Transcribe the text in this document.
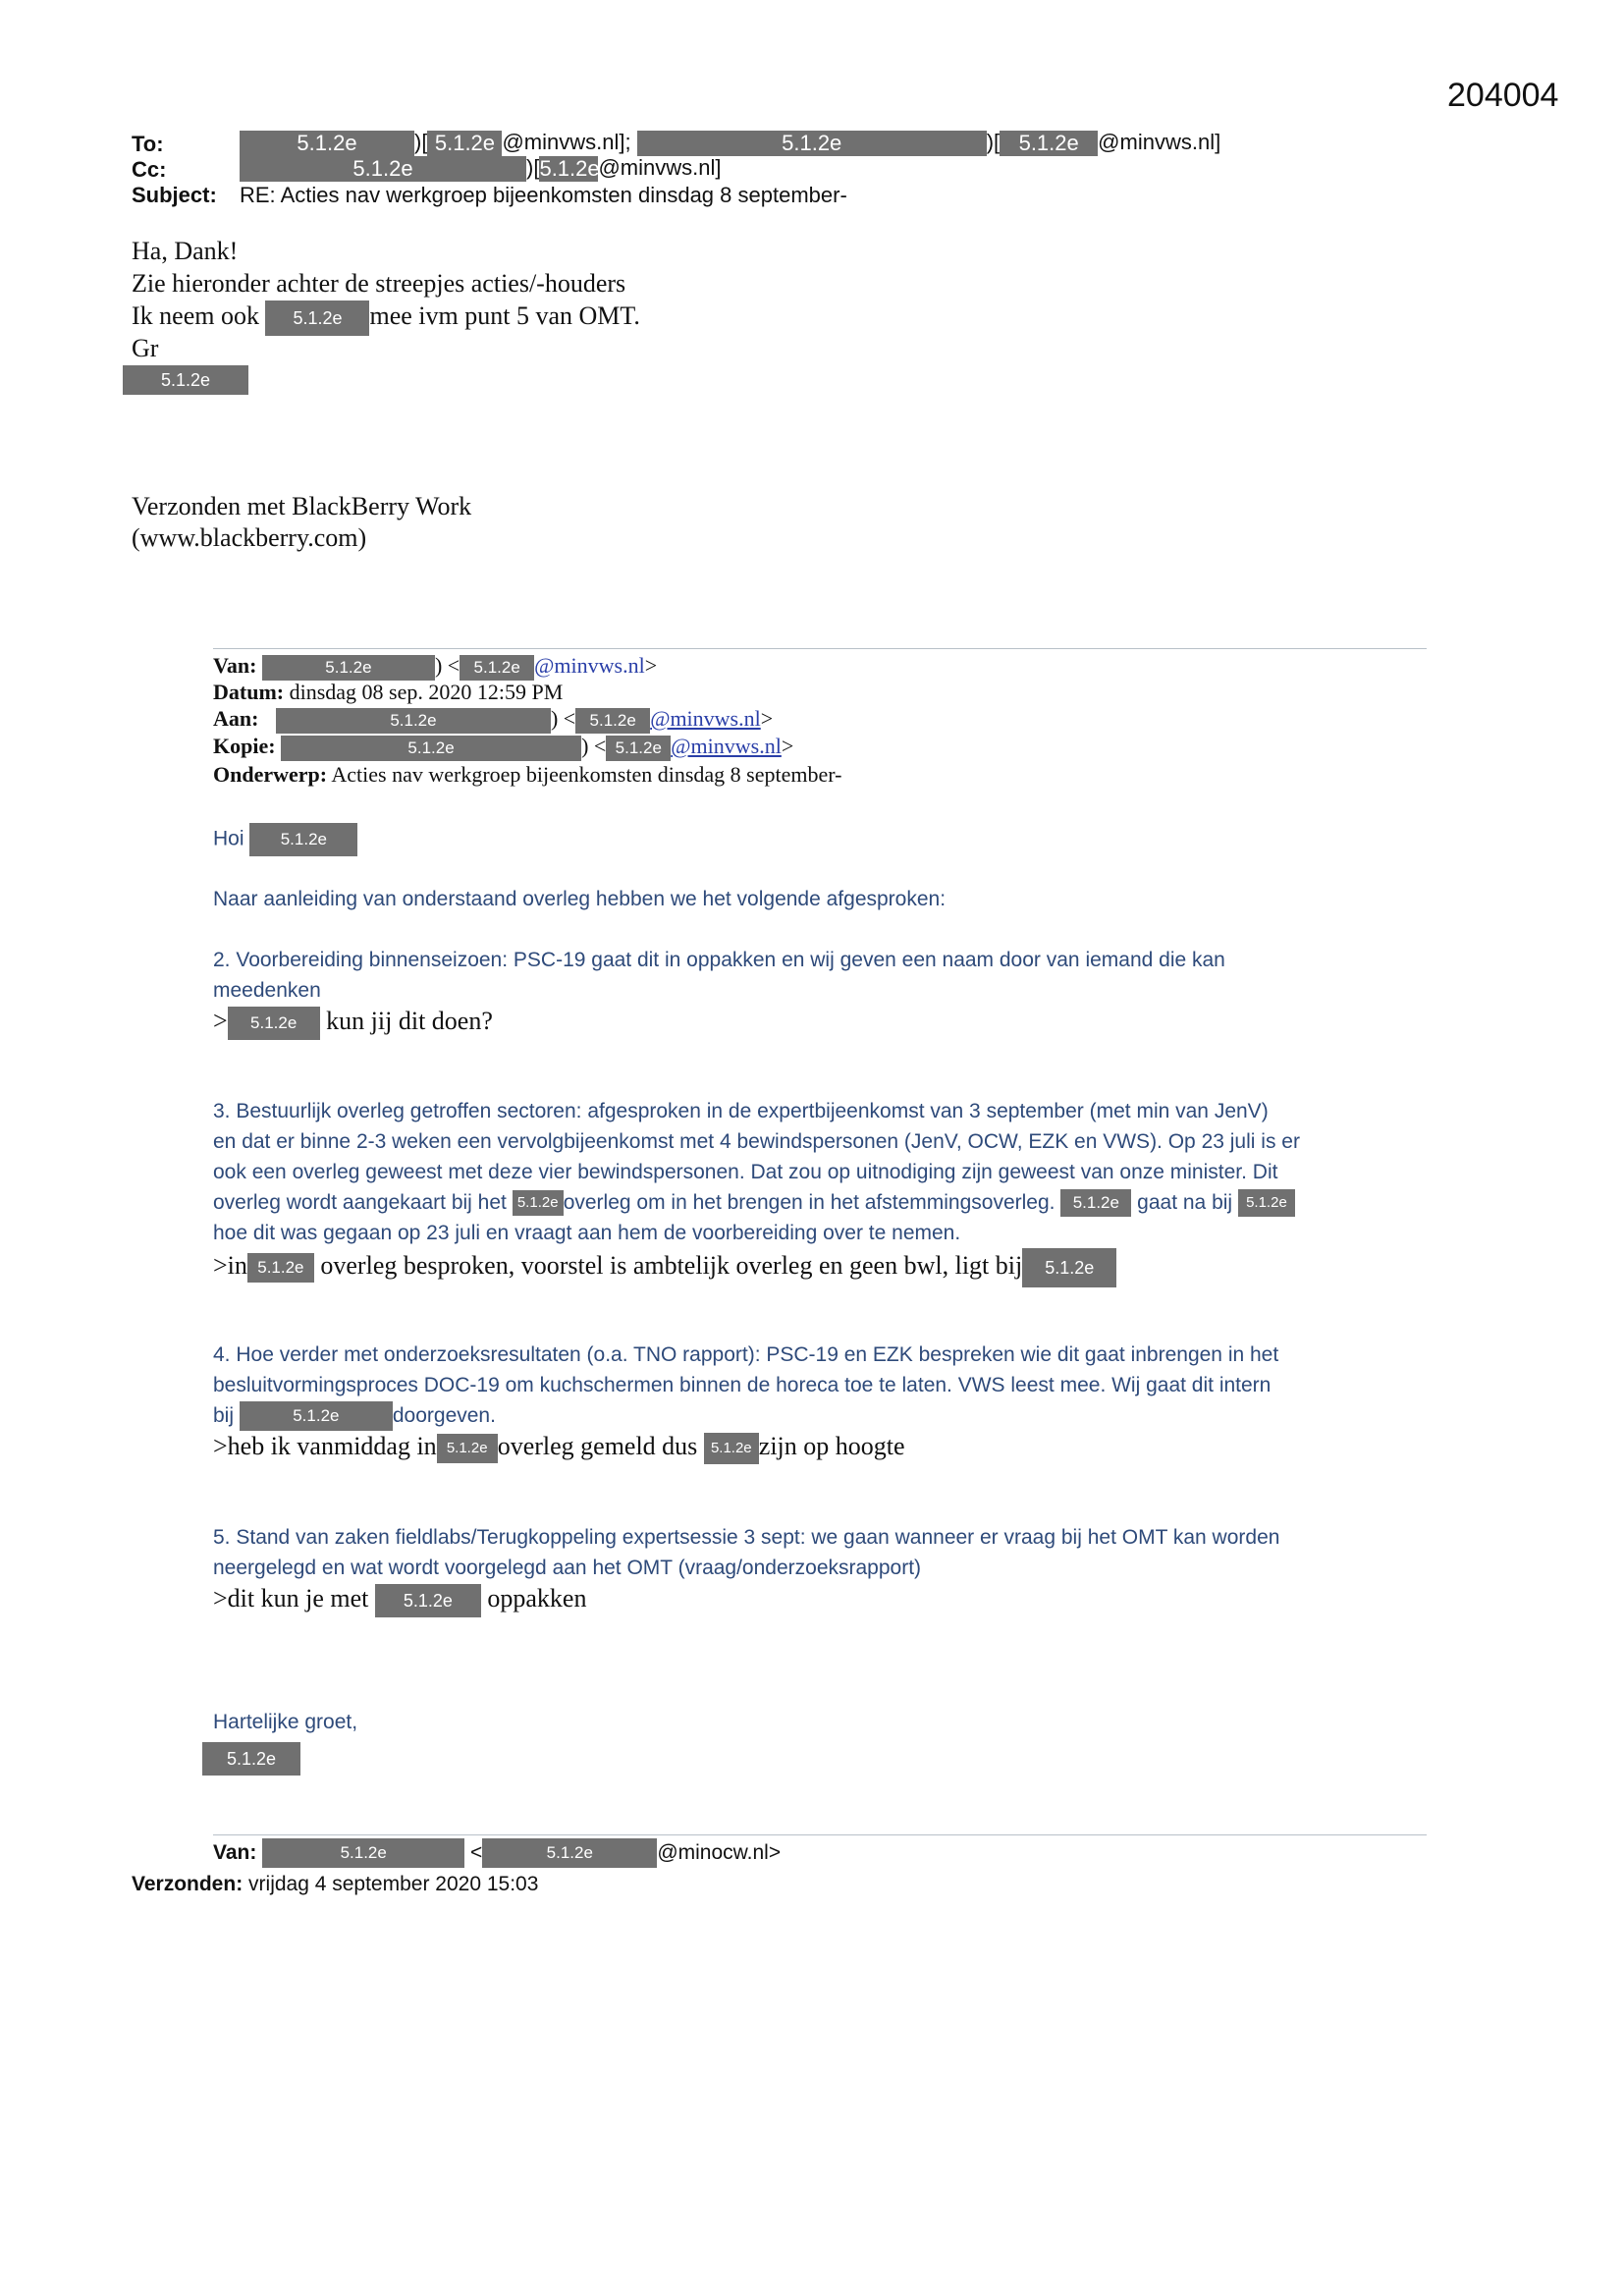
204004
To:	5.1.2e	)[ 5.1.2e @minvws.nl];	5.1.2e	)[ 5.1.2e @minvws.nl]
Cc:	5.1.2e	)[5.1.2e@minvws.nl]
Subject: RE: Acties nav werkgroep bijeenkomsten dinsdag 8 september-
Ha, Dank!
Zie hieronder achter de streepjes acties/-houders
Ik neem ook 5.1.2e mee ivm punt 5 van OMT.
Gr
5.1.2e
Verzonden met BlackBerry Work
(www.blackberry.com)
Van:	5.1.2e	) < 5.1.2e @minvws.nl>
Datum: dinsdag 08 sep. 2020 12:59 PM
Aan:	5.1.2e	) < 5.1.2e @minvws.nl>
Kopie:	5.1.2e	) < 5.1.2e @minvws.nl>
Onderwerp: Acties nav werkgroep bijeenkomsten dinsdag 8 september-
Hoi 5.1.2e
Naar aanleiding van onderstaand overleg hebben we het volgende afgesproken:
2. Voorbereiding binnenseizoen: PSC-19 gaat dit in oppakken en wij geven een naam door van iemand die kan
meedenken
> 5.1.2e kun jij dit doen?
3. Bestuurlijk overleg getroffen sectoren: afgesproken in de expertbijeenkomst van 3 september (met min van JenV)
en dat er binne 2-3 weken een vervolgbijeenkomst met 4 bewindspersonen (JenV, OCW, EZK en VWS). Op 23 juli is er
ook een overleg geweest met deze vier bewindspersonen. Dat zou op uitnodiging zijn geweest van onze minister. Dit
overleg wordt aangekaart bij het 5.1.2e overleg om in het brengen in het afstemmingsoverleg. 5.1.2e gaat na bij 5.1.2e
hoe dit was gegaan op 23 juli en vraagt aan hem de voorbereiding over te nemen.
>in 5.1.2e overleg besproken, voorstel is ambtelijk overleg en geen bwl, ligt bij 5.1.2e
4. Hoe verder met onderzoeksresultaten (o.a. TNO rapport): PSC-19 en EZK bespreken wie dit gaat inbrengen in het
besluitvormingsproces DOC-19 om kuchschermen binnen de horeca toe te laten. VWS leest mee. Wij gaat dit intern
bij	5.1.2e	doorgeven.
>heb ik vanmiddag in 5.1.2e overleg gemeld dus 5.1.2e zijn op hoogte
5. Stand van zaken fieldlabs/Terugkoppeling expertsessie 3 sept: we gaan wanneer er vraag bij het OMT kan worden
neergelegd en wat wordt voorgelegd aan het OMT (vraag/onderzoeksrapport)
>dit kun je met 5.1.2e oppakken
Hartelijke groet,
5.1.2e
Van:	5.1.2e	<	5.1.2e	@minocw.nl>
Verzonden: vrijdag 4 september 2020 15:03
